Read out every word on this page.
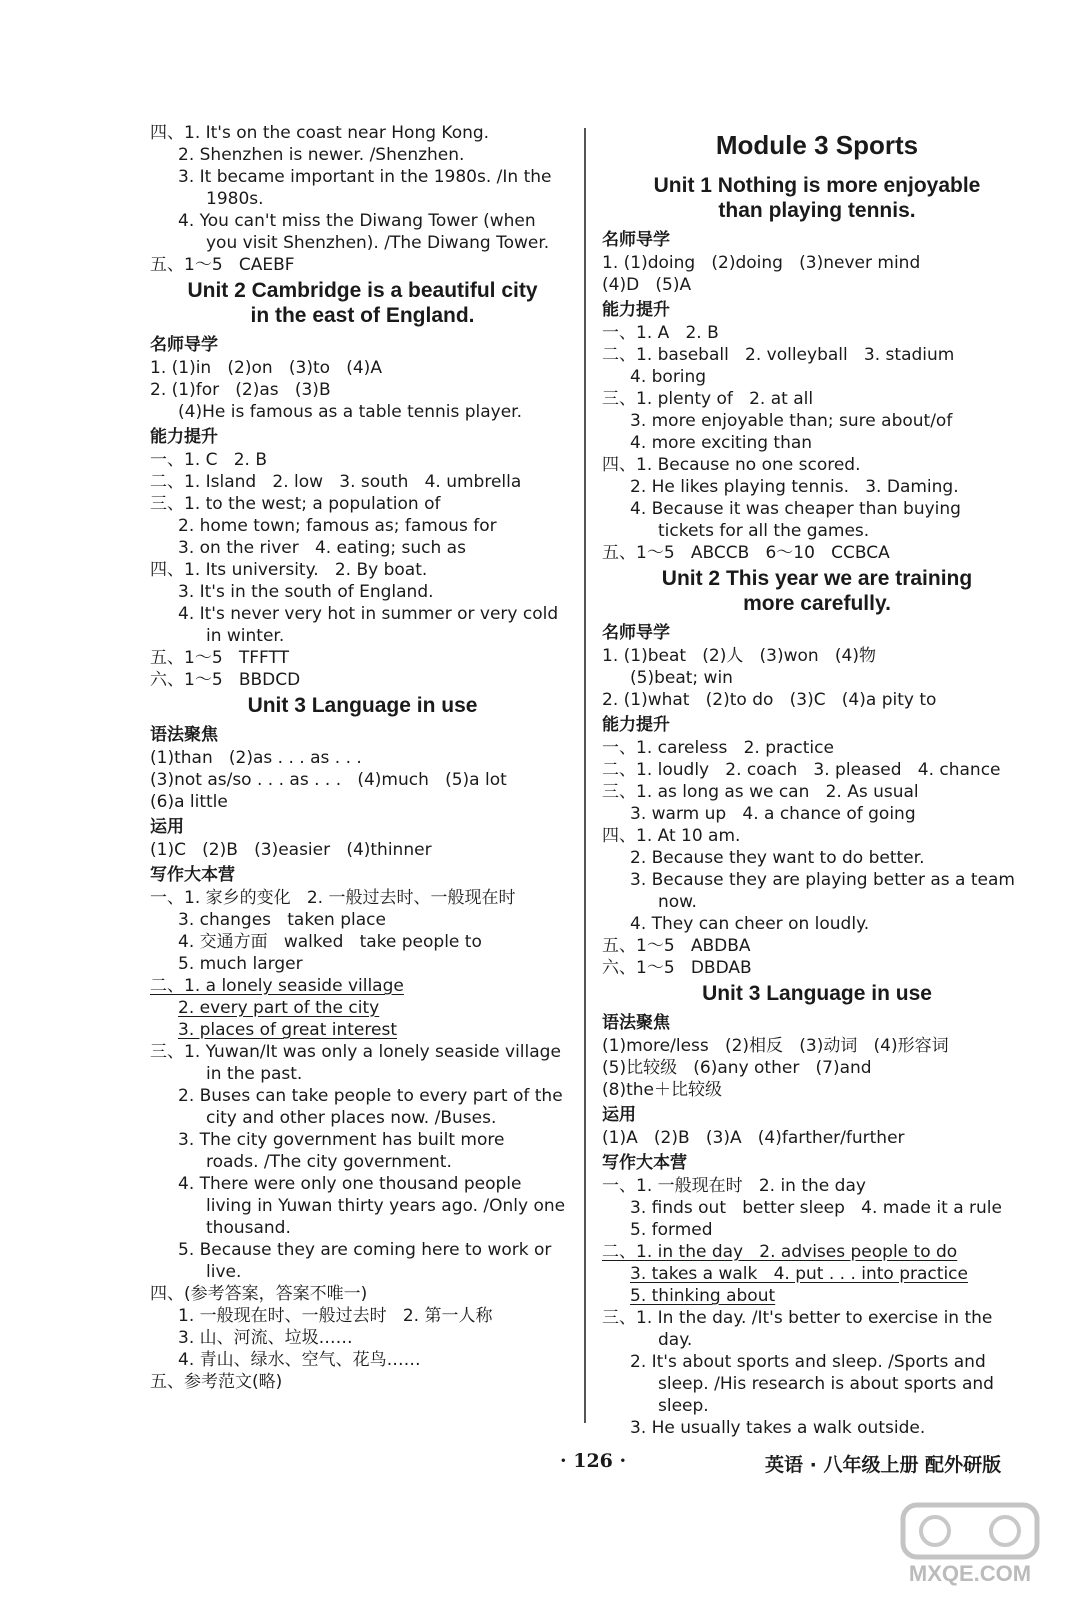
四、1. It's on the coast near Hong Kong.
2. Shenzhen is newer. /Shenzhen.
3. It became important in the 1980s. /In the
1980s.
4. You can't miss the Diwang Tower (when
you visit Shenzhen). /The Diwang Tower.
五、1～5   CAEBF
Unit 2 Cambridge is a beautiful city
in the east of England.
名师导学
1. (1)in   (2)on   (3)to   (4)A
2. (1)for   (2)as   (3)B
(4)He is famous as a table tennis player.
能力提升
一、1. C   2. B
二、1. Island   2. low   3. south   4. umbrella
三、1. to the west; a population of
2. home town; famous as; famous for
3. on the river   4. eating; such as
四、1. Its university.   2. By boat.
3. It's in the south of England.
4. It's never very hot in summer or very cold
in winter.
五、1～5   TFFTT
六、1～5   BBDCD
Unit 3 Language in use
语法聚焦
(1)than   (2)as . . . as . . .
(3)not as/so . . . as . . .   (4)much   (5)a lot
(6)a little
运用
(1)C   (2)B   (3)easier   (4)thinner
写作大本营
一、1. 家乡的变化   2. 一般过去时、一般现在时
3. changes   taken place
4. 交通方面   walked   take people to
5. much larger
二、1. a lonely seaside village
2. every part of the city
3. places of great interest
三、1. Yuwan/It was only a lonely seaside village
in the past.
2. Buses can take people to every part of the
city and other places now. /Buses.
3. The city government has built more
roads. /The city government.
4. There were only one thousand people
living in Yuwan thirty years ago. /Only one
thousand.
5. Because they are coming here to work or
live.
四、(参考答案，答案不唯一)
1. 一般现在时、一般过去时   2. 第一人称
3. 山、河流、垃圾……
4. 青山、绿水、空气、花鸟……
五、参考范文(略)
Module 3 Sports
Unit 1 Nothing is more enjoyable
than playing tennis.
名师导学
1. (1)doing   (2)doing   (3)never mind
(4)D   (5)A
能力提升
一、1. A   2. B
二、1. baseball   2. volleyball   3. stadium
4. boring
三、1. plenty of   2. at all
3. more enjoyable than; sure about/of
4. more exciting than
四、1. Because no one scored.
2. He likes playing tennis.   3. Daming.
4. Because it was cheaper than buying
tickets for all the games.
五、1～5   ABCCB   6～10   CCBCA
Unit 2 This year we are training
more carefully.
名师导学
1. (1)beat   (2)人   (3)won   (4)物
(5)beat; win
2. (1)what   (2)to do   (3)C   (4)a pity to
能力提升
一、1. careless   2. practice
二、1. loudly   2. coach   3. pleased   4. chance
三、1. as long as we can   2. As usual
3. warm up   4. a chance of going
四、1. At 10 am.
2. Because they want to do better.
3. Because they are playing better as a team
now.
4. They can cheer on loudly.
五、1～5   ABDBA
六、1～5   DBDAB
Unit 3 Language in use
语法聚焦
(1)more/less   (2)相反   (3)动词   (4)形容词
(5)比较级   (6)any other   (7)and
(8)the＋比较级
运用
(1)A   (2)B   (3)A   (4)farther/further
写作大本营
一、1. 一般现在时   2. in the day
3. finds out   better sleep   4. made it a rule
5. formed
二、1. in the day   2. advises people to do
3. takes a walk   4. put . . . into practice
5. thinking about
三、1. In the day. /It's better to exercise in the
day.
2. It's about sports and sleep. /Sports and
sleep. /His research is about sports and
sleep.
3. He usually takes a walk outside.
· 126 ·	英语 · 八年级上册 配外研版
MXQE.COM
